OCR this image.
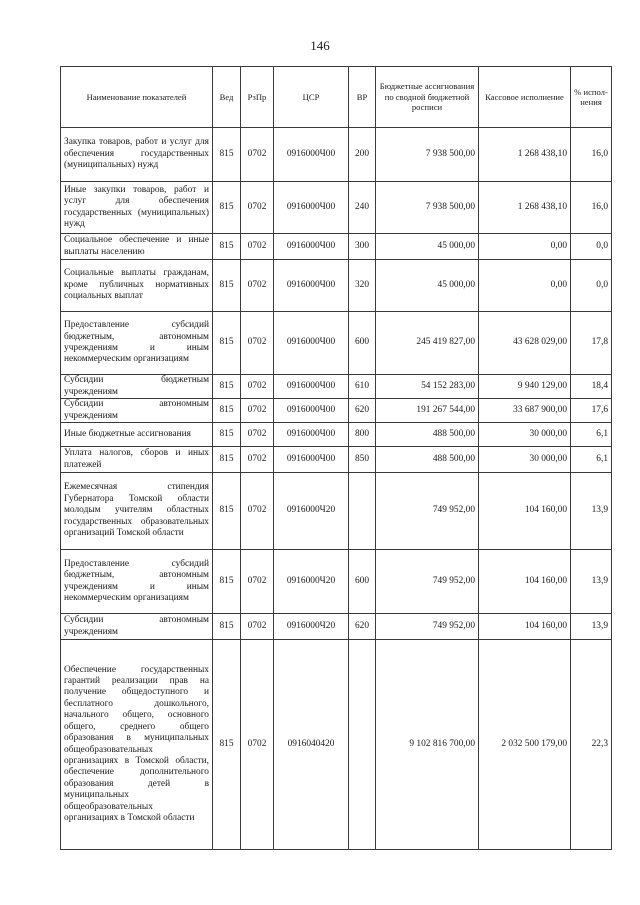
146
Наименование показателей	Вед	РзПр	ЦСР	ВР	Бюджетные ассигнования по сводной бюджетной росписи	Кассовое исполнение	% испол-нения
Закупка товаров, работ и услуг для обеспечения государственных (муниципальных) нужд	815	0702	0916000Ч00	200	7 938 500,00	1 268 438,10	16,0
Иные закупки товаров, работ и услуг для обеспечения государственных (муниципальных) нужд	815	0702	0916000Ч00	240	7 938 500,00	1 268 438,10	16,0
Социальное обеспечение и иные выплаты населению	815	0702	0916000Ч00	300	45 000,00	0,00	0,0
Социальные выплаты гражданам, кроме публичных нормативных социальных выплат	815	0702	0916000Ч00	320	45 000,00	0,00	0,0
Предоставление субсидий бюджетным, автономным учреждениям и иным некоммерческим организациям	815	0702	0916000Ч00	600	245 419 827,00	43 628 029,00	17,8
Субсидии бюджетным учреждениям	815	0702	0916000Ч00	610	54 152 283,00	9 940 129,00	18,4
Субсидии автономным учреждениям	815	0702	0916000Ч00	620	191 267 544,00	33 687 900,00	17,6
Иные бюджетные ассигнования	815	0702	0916000Ч00	800	488 500,00	30 000,00	6,1
Уплата налогов, сборов и иных платежей	815	0702	0916000Ч00	850	488 500,00	30 000,00	6,1
Ежемесячная стипендия Губернатора Томской области молодым учителям областных государственных образовательных организаций Томской области	815	0702	0916000Ч20		749 952,00	104 160,00	13,9
Предоставление субсидий бюджетным, автономным учреждениям и иным некоммерческим организациям	815	0702	0916000Ч20	600	749 952,00	104 160,00	13,9
Субсидии автономным учреждениям	815	0702	0916000Ч20	620	749 952,00	104 160,00	13,9
Обеспечение государственных гарантий реализации прав на получение общедоступного и бесплатного дошкольного, начального общего, основного общего, среднего общего образования в муниципальных общеобразовательных организациях в Томской области, обеспечение дополнительного образования детей в муниципальных общеобразовательных организациях в Томской области	815	0702	0916040420		9 102 816 700,00	2 032 500 179,00	22,3
